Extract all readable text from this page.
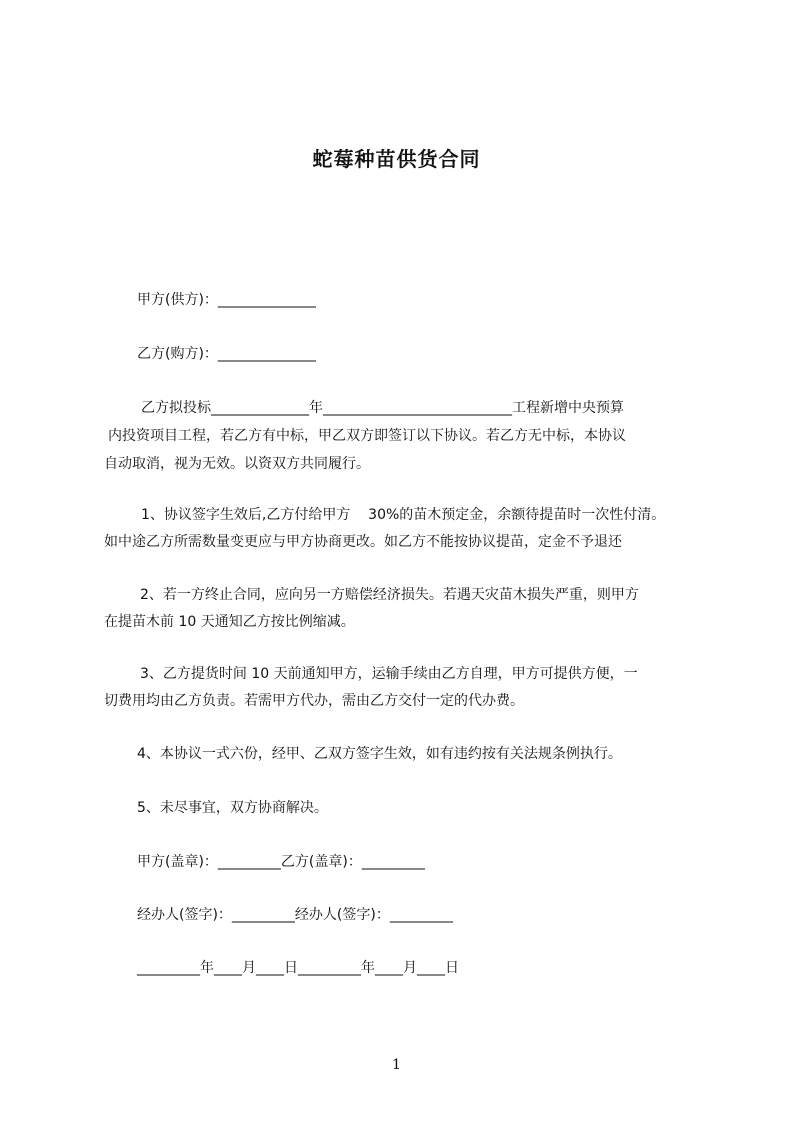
蛇莓种苗供货合同
甲方(供方)：______________
乙方(购方)：______________
乙方拟投标______________年___________________________工程新增中央预算
内投资项目工程，若乙方有中标，甲乙双方即签订以下协议。若乙方无中标，本协议
自动取消，视为无效。以资双方共同履行。
1、协议签字生效后,乙方付给甲方    30%的苗木预定金，余额待提苗时一次性付清。
如中途乙方所需数量变更应与甲方协商更改。如乙方不能按协议提苗，定金不予退还
2、若一方终止合同，应向另一方赔偿经济损失。若遇天灾苗木损失严重，则甲方
在提苗木前 10 天通知乙方按比例缩减。
3、乙方提货时间 10 天前通知甲方，运输手续由乙方自理，甲方可提供方便，一
切费用均由乙方负责。若需甲方代办，需由乙方交付一定的代办费。
4、本协议一式六份，经甲、乙双方签字生效，如有违约按有关法规条例执行。
5、未尽事宜，双方协商解决。
甲方(盖章)：_________乙方(盖章)：_________
经办人(签字)：_________经办人(签字)：_________
_________年____月____日_________年____月____日
1
